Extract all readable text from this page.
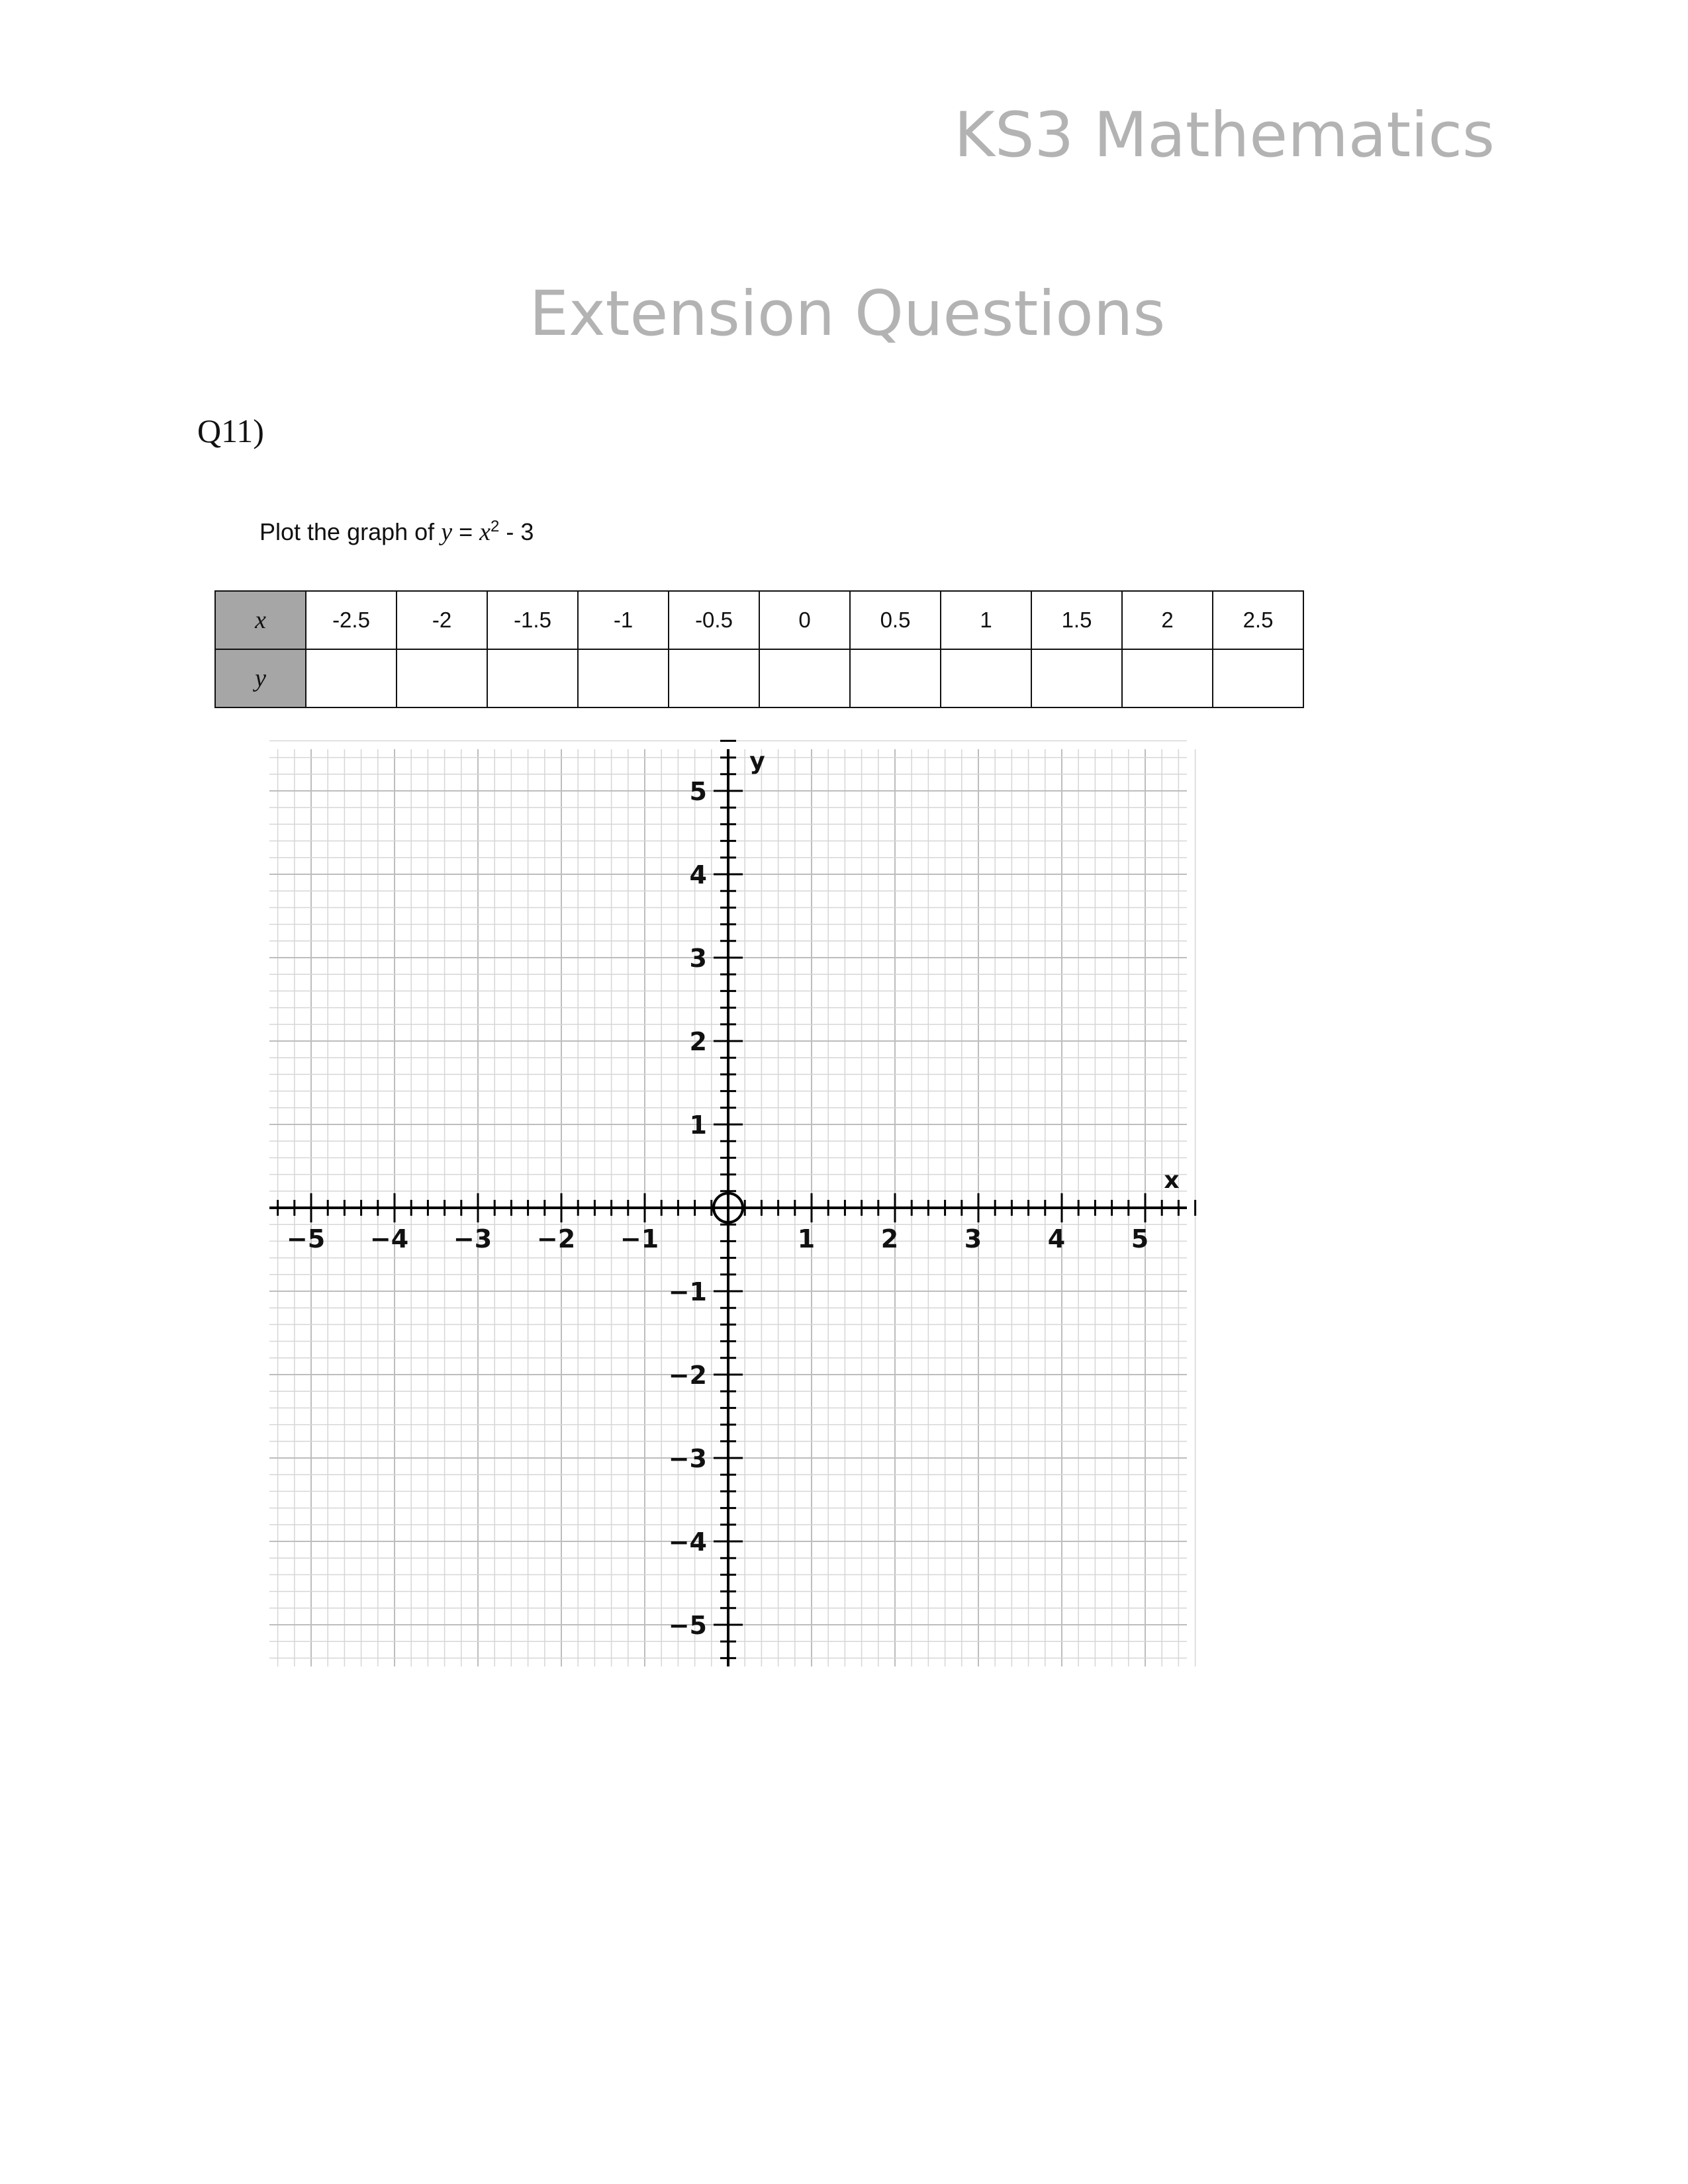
KS3 Mathematics
Extension Questions
Q11)
Plot the graph of $y = x^2 - 3$
x	-2.5	-2	-1.5	-1	-0.5	0	0.5	1	1.5	2	2.5
y											
−5 −4 −3 −2 −1	1	2	3	4	5
5
4
3
2
1
−1
−2
−3
−4
−5
x
y
